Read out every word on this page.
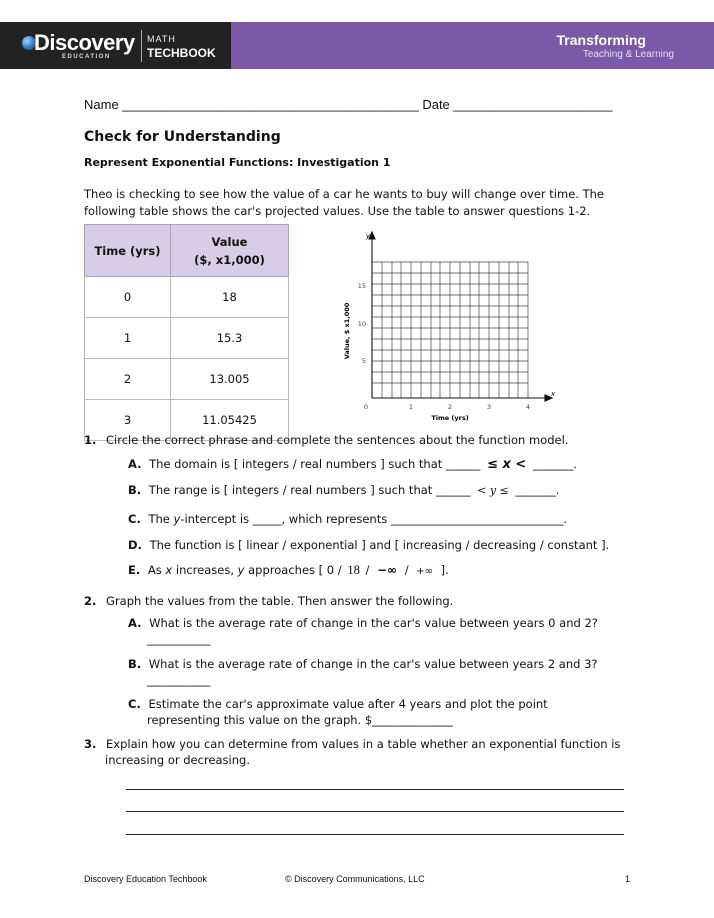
Discovery
EDUCATION
MATH
TECHBOOK
Transforming
Teaching & Learning
Name _________________________________________ Date ______________________
Check for Understanding
Represent Exponential Functions: Investigation 1
Theo is checking to see how the value of a car he wants to buy will change over time. The following table shows the car's projected values. Use the table to answer questions 1-2.
Time (yrs)	Value
($, x1,000)

0	18
1	15.3
2	13.005
3	11.05425
y
x
15
10
5
0	1	2	3	4
Time (yrs)
Value, $ x1,000
1. Circle the correct phrase and complete the sentences about the function model.
A. The domain is [ integers / real numbers ] such that ______ ≤ x < _______.
B. The range is [ integers / real numbers ] such that ______ < y ≤ _______.
C. The y-intercept is _____, which represents ______________________________.
D. The function is [ linear / exponential ] and [ increasing / decreasing / constant ].
E. As x increases, y approaches [ 0 / 18 / −∞ / +∞ ].
2. Graph the values from the table. Then answer the following.
A. What is the average rate of change in the car's value between years 0 and 2?
___________
B. What is the average rate of change in the car's value between years 2 and 3?
___________
C. Estimate the car's approximate value after 4 years and plot the point
representing this value on the graph. $______________
3. Explain how you can determine from values in a table whether an exponential function is
increasing or decreasing.
Discovery Education Techbook	© Discovery Communications, LLC	1
